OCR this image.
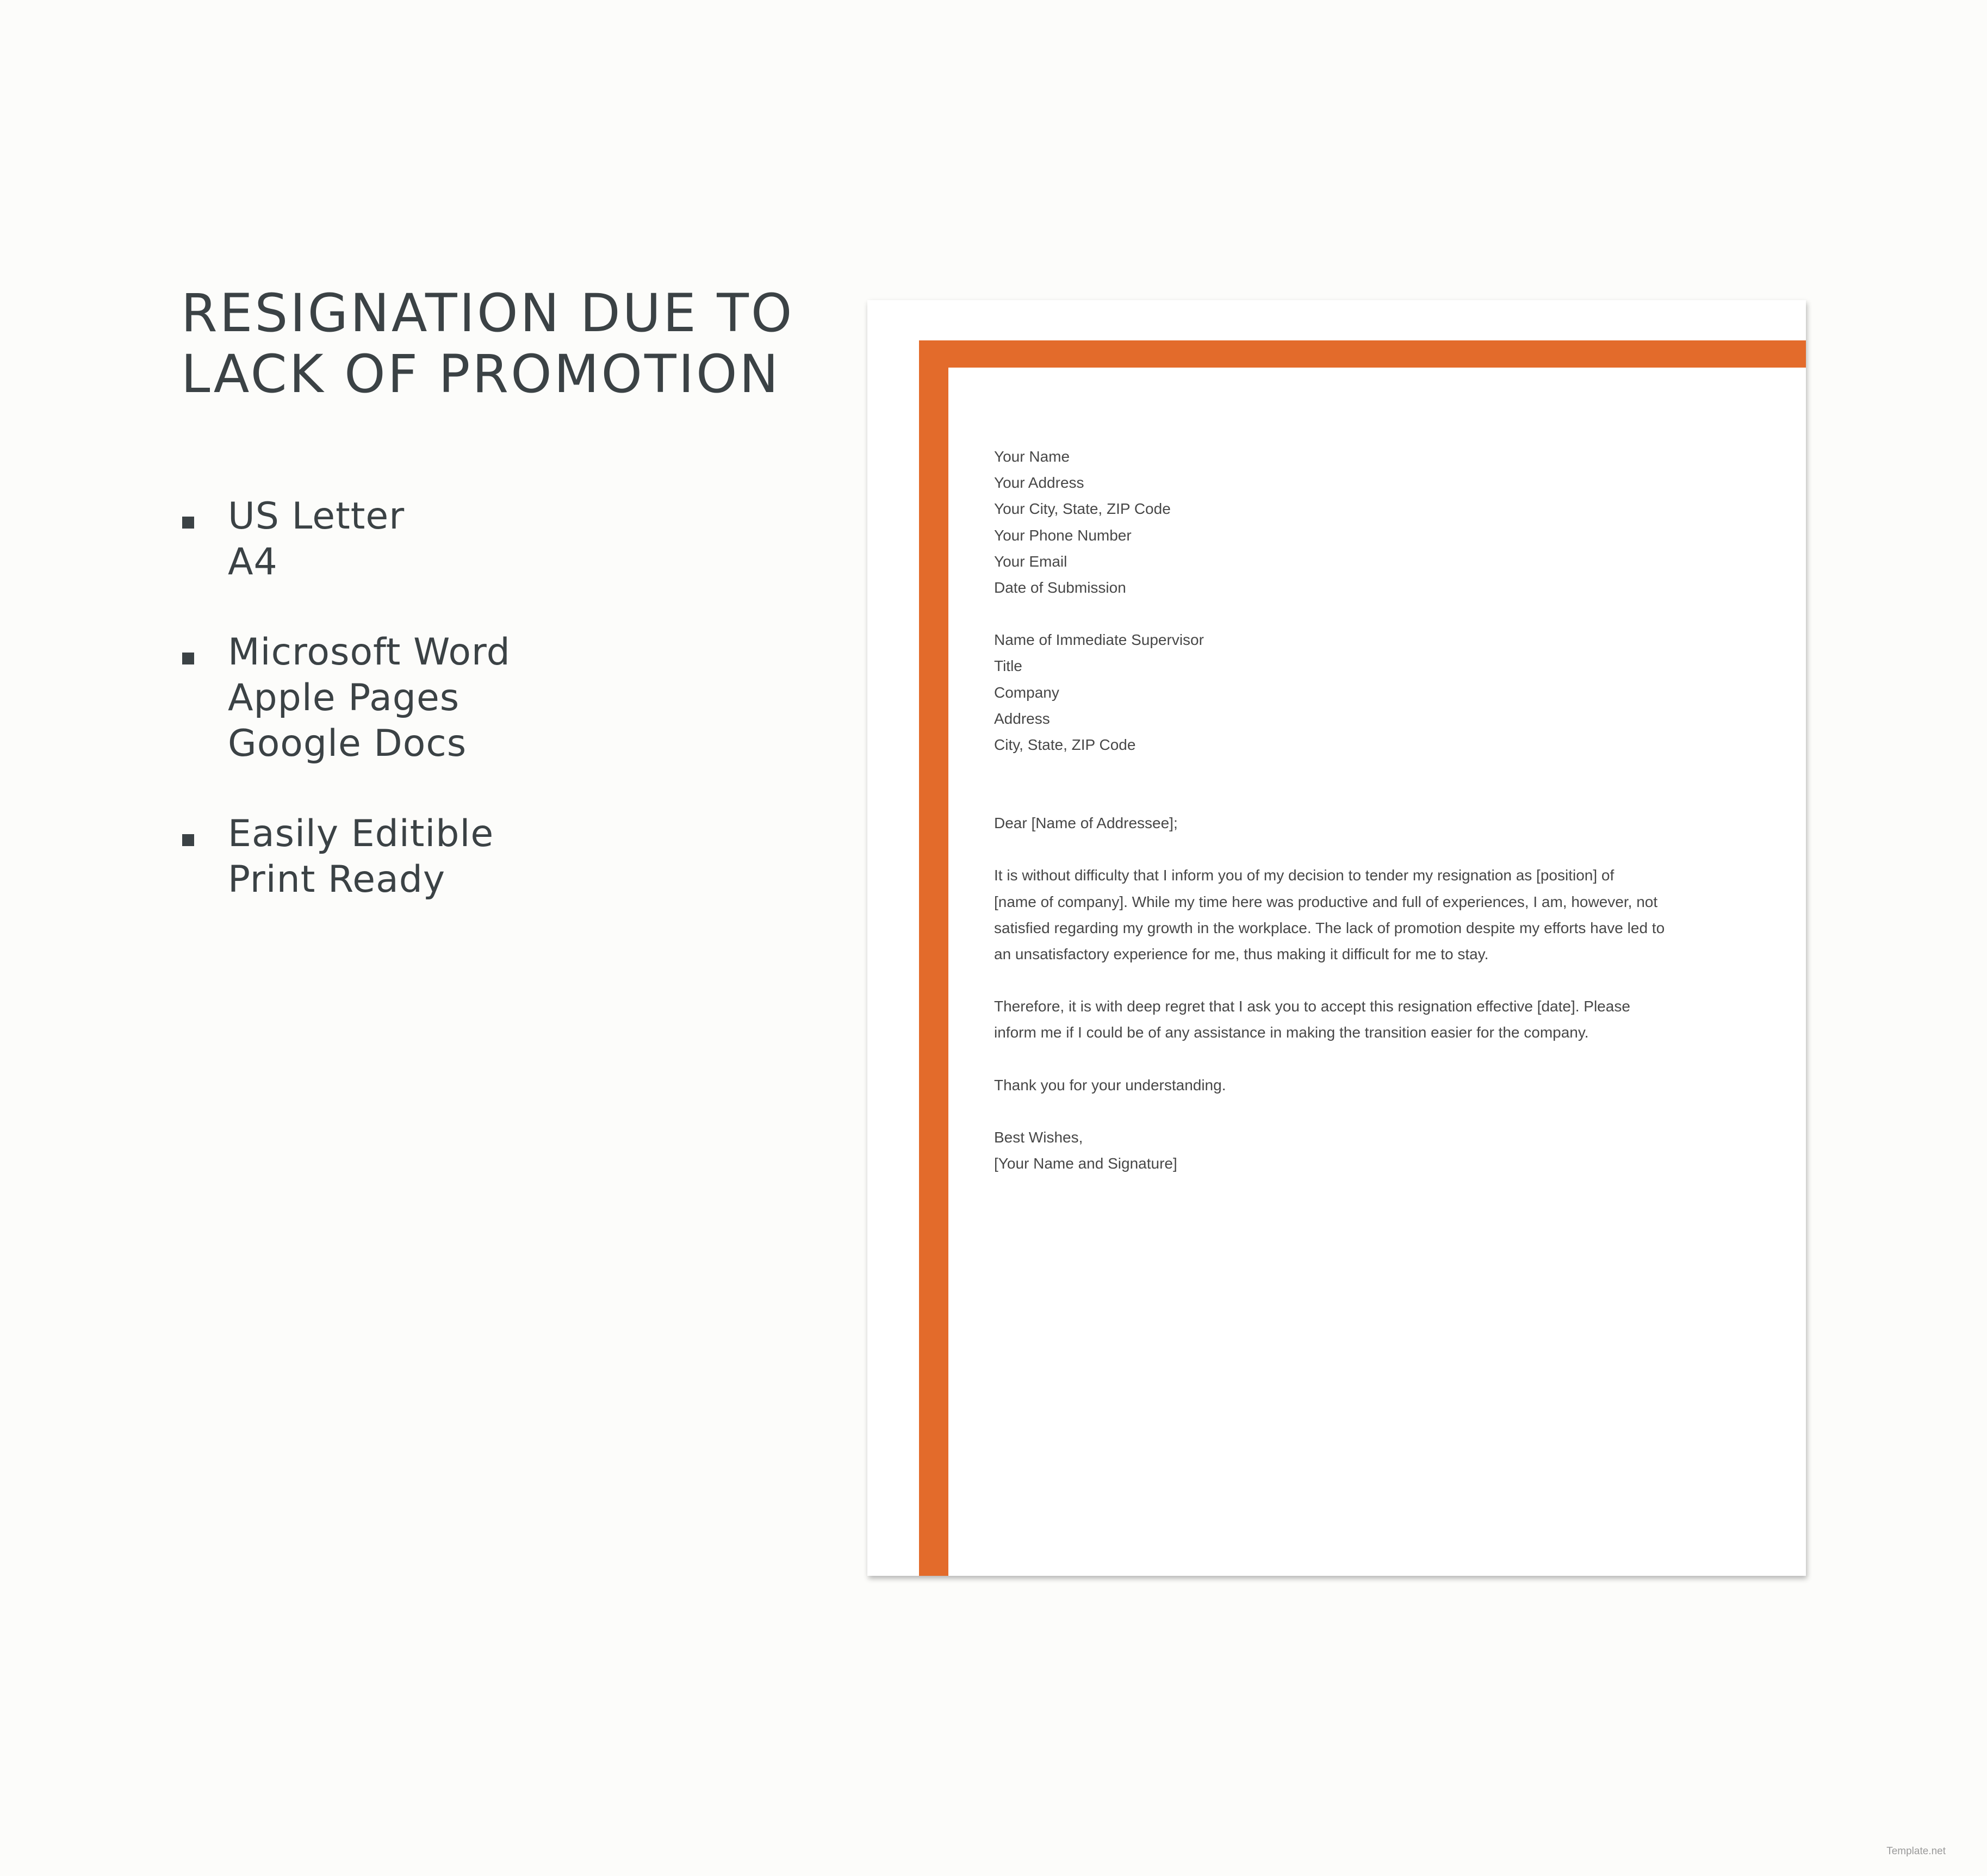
RESIGNATION DUE TO
LACK OF PROMOTION
US Letter
A4
Microsoft Word
Apple Pages
Google Docs
Easily Editible
Print Ready

Your Name
Your Address
Your City, State, ZIP Code
Your Phone Number
Your Email
Date of Submission

Name of Immediate Supervisor
Title
Company
Address
City, State, ZIP Code

Dear [Name of Addressee];

It is without difficulty that I inform you of my decision to tender my resignation as [position] of
[name of company]. While my time here was productive and full of experiences, I am, however, not
satisfied regarding my growth in the workplace. The lack of promotion despite my efforts have led to
an unsatisfactory experience for me, thus making it difficult for me to stay.

Therefore, it is with deep regret that I ask you to accept this resignation effective [date]. Please
inform me if I could be of any assistance in making the transition easier for the company.

Thank you for your understanding.

Best Wishes,
[Your Name and Signature]

Template.net
